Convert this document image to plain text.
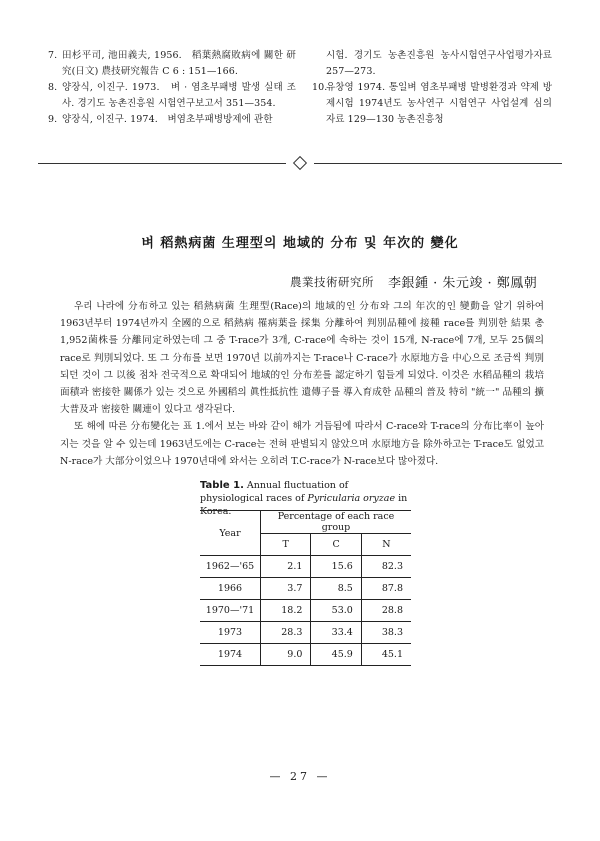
7. 田杉平司, 池田義夫, 1956.　稻葉熱腐敗病에 關한 研究(日文) 農技研究報告 C 6 : 151—166.
8. 양장식, 이진구. 1973.　벼 · 염초부패병 발생 실태 조사. 경기도 농촌진흥원 시험연구보고서 351—354.
9. 양장식, 이진구. 1974.　벼염초부패병방제에 관한
시험. 경기도 농촌진흥원 농사시험연구사업평가자료 257—273.
10.
유창영 1974. 통일벼 염초부패병 발병환경과 약제 방제시험 1974년도 농사연구 시험연구 사업설계 심의 자료 129—130 농촌진흥청
벼 稻熱病菌 生理型의 地域的 分布 및 年次的 變化
農業技術研究所 李銀鍾 · 朱元竣 · 鄭鳳朝

우리 나라에 分布하고 있는 稻熱病菌 生理型(Race)의 地域的인 分布와 그의 年次的인 變動을 알기 위하여 1963년부터 1974년까지 全國的으로 稻熱病 罹病葉을 採集 分離하여 判別品種에 接種 race를 判別한 結果 총 1,952菌株를 分離同定하였는데 그 중 T-race가 3개, C-race에 속하는 것이 15개, N-race에 7개, 모두 25個의 race로 判別되었다. 또 그 分布를 보면 1970년 以前까지는 T-race나 C-race가 水原地方을 中心으로 조금씩 判別되던 것이 그 以後 점차 전국적으로 확대되어 地域的인 分布差를 認定하기 힘들게 되었다. 이것은 水稻品種의 栽培面積과 密接한 關係가 있는 것으로 外國稻의 眞性抵抗性 遺傳子를 導入育成한 品種의 普及 特히 "統一" 品種의 擴大普及과 密接한 關連이 있다고 생각된다.

또 해에 따른 分布變化는 표 1.에서 보는 바와 같이 해가 거듭됨에 따라서 C-race와 T-race의 分布比率이 높아지는 것을 알 수 있는데 1963년도에는 C-race는 전혀 판별되지 않았으며 水原地方을 除外하고는 T-race도 없었고 N-race가 大部分이었으나 1970년대에 와서는 오히려 T.C-race가 N-race보다 많아졌다.

Table 1. Annual fluctuation of physiological races of Pyricularia oryzae in Korea.
Year	Percentage of each race group		
	T	C	N
1962—'65	2.1	15.6	82.3
1966	3.7	8.5	87.8
1970—'71	18.2	53.0	28.8
1973	28.3	33.4	38.3
1974	9.0	45.9	45.1
— 27 —
